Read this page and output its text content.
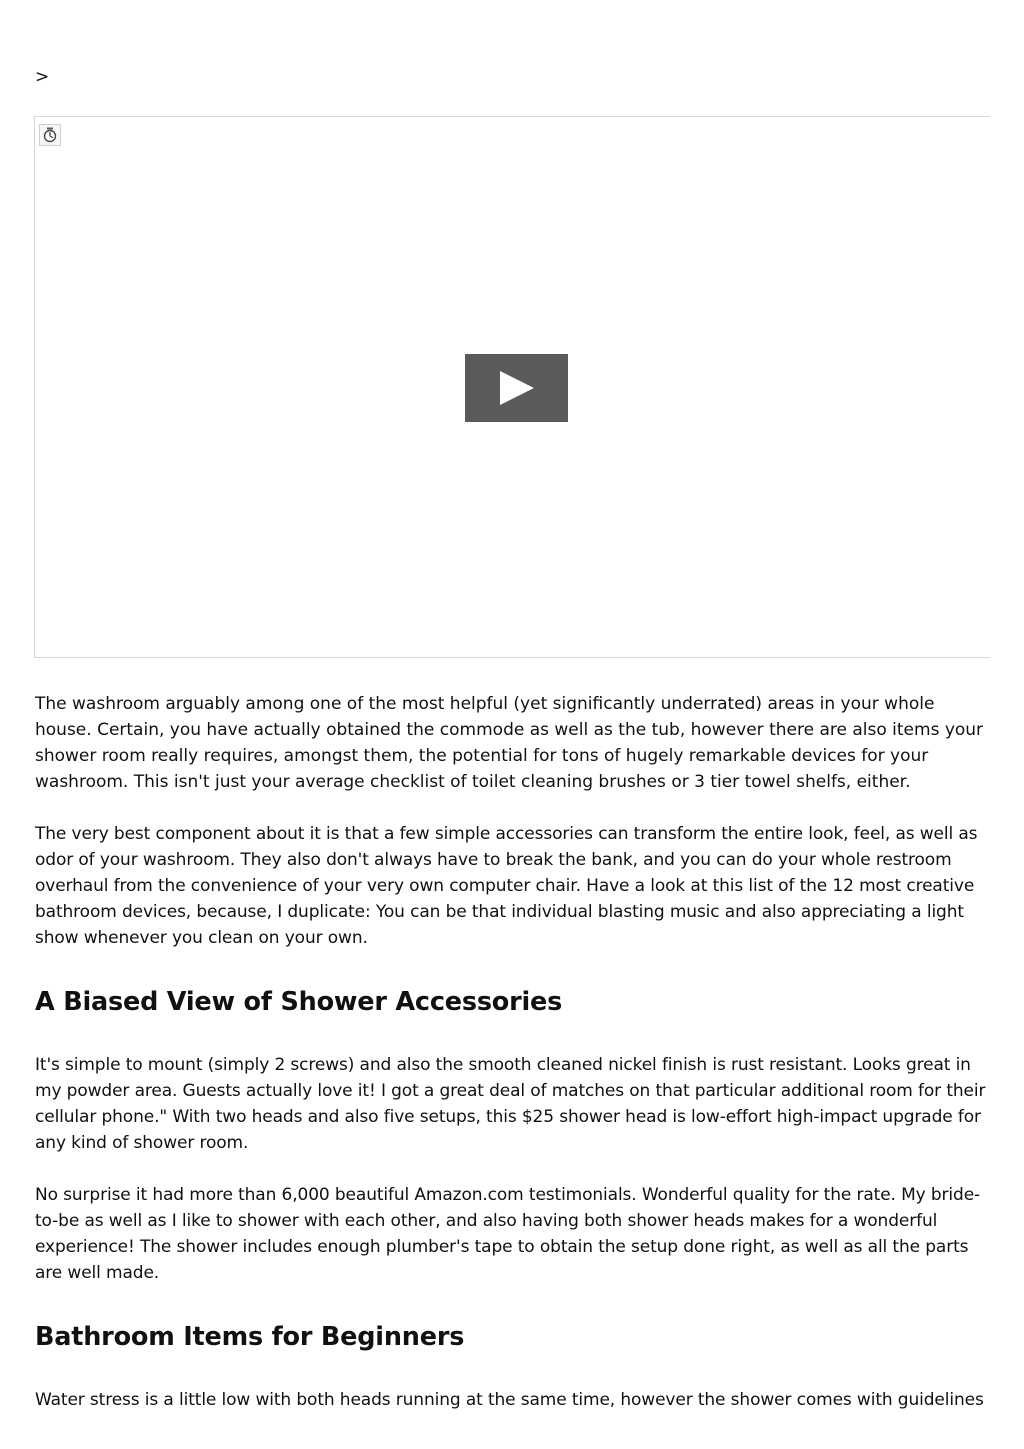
>

The washroom arguably among one of the most helpful (yet significantly underrated) areas in your whole house. Certain, you have actually obtained the commode as well as the tub, however there are also items your shower room really requires, amongst them, the potential for tons of hugely remarkable devices for your washroom. This isn't just your average checklist of toilet cleaning brushes or 3 tier towel shelfs, either.

The very best component about it is that a few simple accessories can transform the entire look, feel, as well as odor of your washroom. They also don't always have to break the bank, and you can do your whole restroom overhaul from the convenience of your very own computer chair. Have a look at this list of the 12 most creative bathroom devices, because, I duplicate: You can be that individual blasting music and also appreciating a light show whenever you clean on your own.

A Biased View of Shower Accessories

It's simple to mount (simply 2 screws) and also the smooth cleaned nickel finish is rust resistant. Looks great in my powder area. Guests actually love it! I got a great deal of matches on that particular additional room for their cellular phone." With two heads and also five setups, this $25 shower head is low-effort high-impact upgrade for any kind of shower room.

No surprise it had more than 6,000 beautiful Amazon.com testimonials. Wonderful quality for the rate. My bride-to-be as well as I like to shower with each other, and also having both shower heads makes for a wonderful experience! The shower includes enough plumber's tape to obtain the setup done right, as well as all the parts are well made.

Bathroom Items for Beginners

Water stress is a little low with both heads running at the same time, however the shower comes with guidelines
